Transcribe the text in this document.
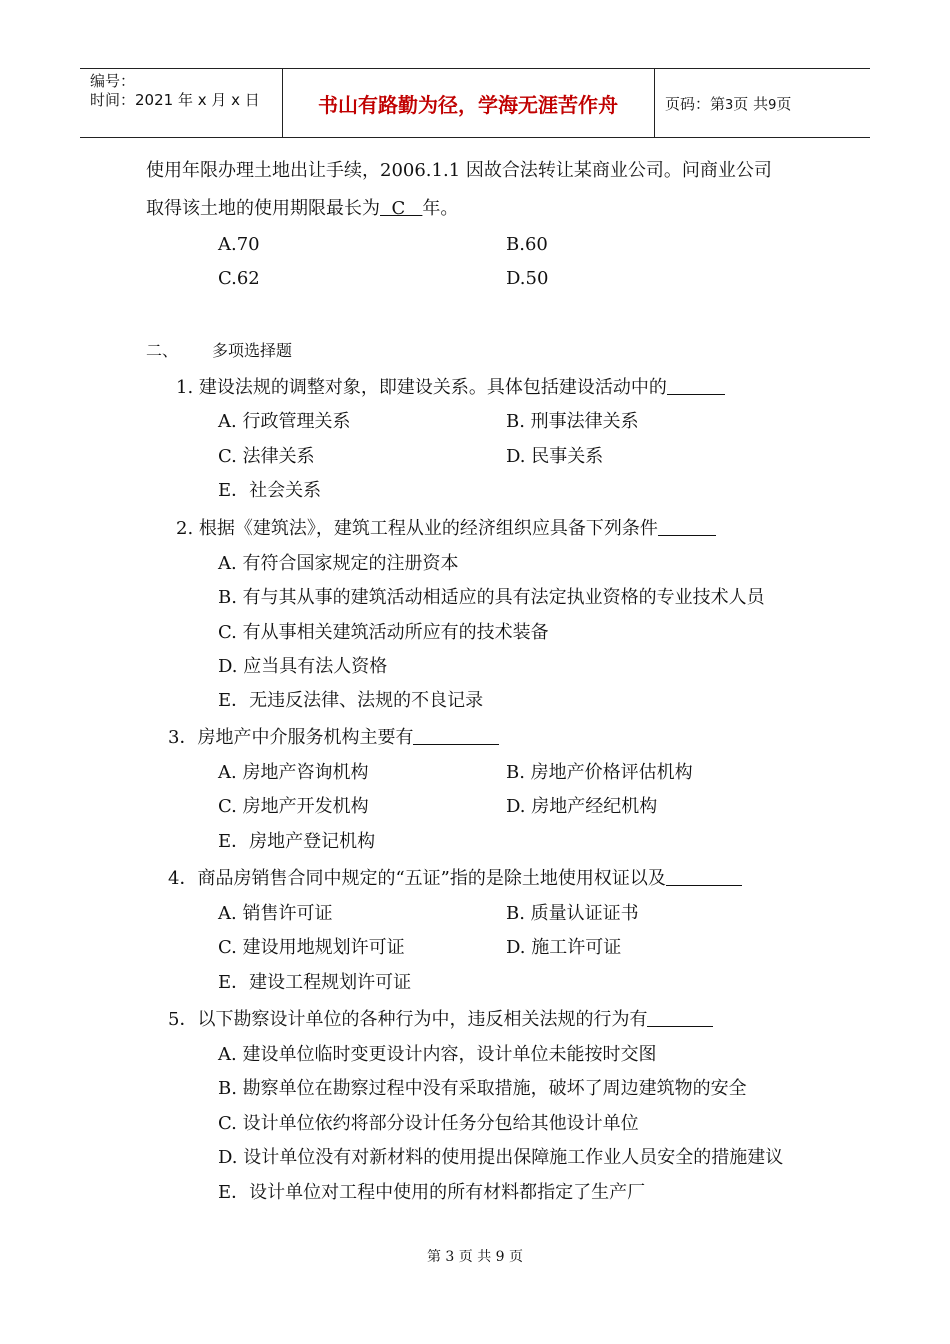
编号：
时间：2021 年 x 月 x 日	书山有路勤为径，学海无涯苦作舟	页码：第3页 共9页
使用年限办理土地出让手续，2006.1.1 因故合法转让某商业公司。问商业公司
取得该土地的使用期限最长为  C   年。
A.70	B.60
C.62	D.50
二、 多项选择题
1. 建设法规的调整对象，即建设关系。具体包括建设活动中的
A. 行政管理关系	B. 刑事法律关系
C. 法律关系	D. 民事关系
E．社会关系
2. 根据《建筑法》，建筑工程从业的经济组织应具备下列条件
A. 有符合国家规定的注册资本
B. 有与其从事的建筑活动相适应的具有法定执业资格的专业技术人员
C. 有从事相关建筑活动所应有的技术装备
D. 应当具有法人资格
E．无违反法律、法规的不良记录
3．房地产中介服务机构主要有
A. 房地产咨询机构	B. 房地产价格评估机构
C. 房地产开发机构	D. 房地产经纪机构
E．房地产登记机构
4．商品房销售合同中规定的“五证”指的是除土地使用权证以及
A. 销售许可证	B. 质量认证证书
C. 建设用地规划许可证	D. 施工许可证
E．建设工程规划许可证
5．以下勘察设计单位的各种行为中，违反相关法规的行为有
A. 建设单位临时变更设计内容，设计单位未能按时交图
B. 勘察单位在勘察过程中没有采取措施，破坏了周边建筑物的安全
C. 设计单位依约将部分设计任务分包给其他设计单位
D. 设计单位没有对新材料的使用提出保障施工作业人员安全的措施建议
E．设计单位对工程中使用的所有材料都指定了生产厂
第 3 页 共 9 页
